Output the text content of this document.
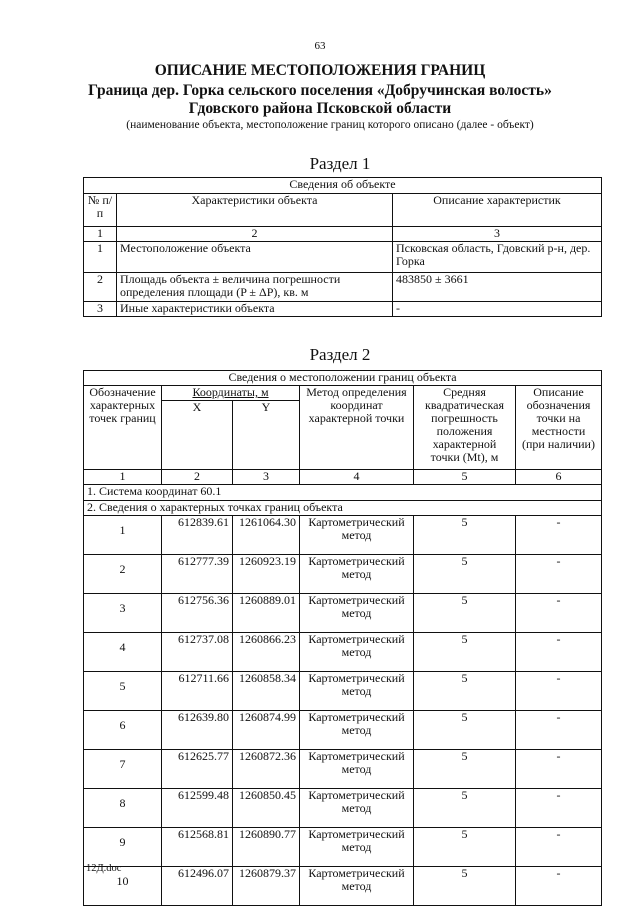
63
ОПИСАНИЕ МЕСТОПОЛОЖЕНИЯ ГРАНИЦ
Граница дер. Горка сельского поселения «Добручинская волость»
Гдовского района Псковской области
(наименование объекта, местоположение границ которого описано (далее - объект)
Раздел 1
Сведения об объекте		
№ п/п	Характеристики объекта	Описание характеристик
1	2	3
1	Местоположение объекта	Псковская область, Гдовский р-н, дер. Горка
2	Площадь объекта ± величина погрешности определения площади (P ± ΔP), кв. м	483850 ± 3661
3	Иные характеристики объекта	-
Раздел 2
Сведения о местоположении границ объекта					
Обозначение характерных точек границ	Координаты, м		Метод определения координат характерной точки	Средняя квадратическая погрешность положения характерной точки (Mt), м	Описание обозначения точки на местности (при наличии)
	X	Y			
1	2	3	4	5	6
1. Система координат 60.1					
2. Сведения о характерных точках границ объекта					
1	612839.61	1261064.30	Картометрический метод	5	-
2	612777.39	1260923.19	Картометрический метод	5	-
3	612756.36	1260889.01	Картометрический метод	5	-
4	612737.08	1260866.23	Картометрический метод	5	-
5	612711.66	1260858.34	Картометрический метод	5	-
6	612639.80	1260874.99	Картометрический метод	5	-
7	612625.77	1260872.36	Картометрический метод	5	-
8	612599.48	1260850.45	Картометрический метод	5	-
9	612568.81	1260890.77	Картометрический метод	5	-
10	612496.07	1260879.37	Картометрический метод	5	-
12Д.doc
